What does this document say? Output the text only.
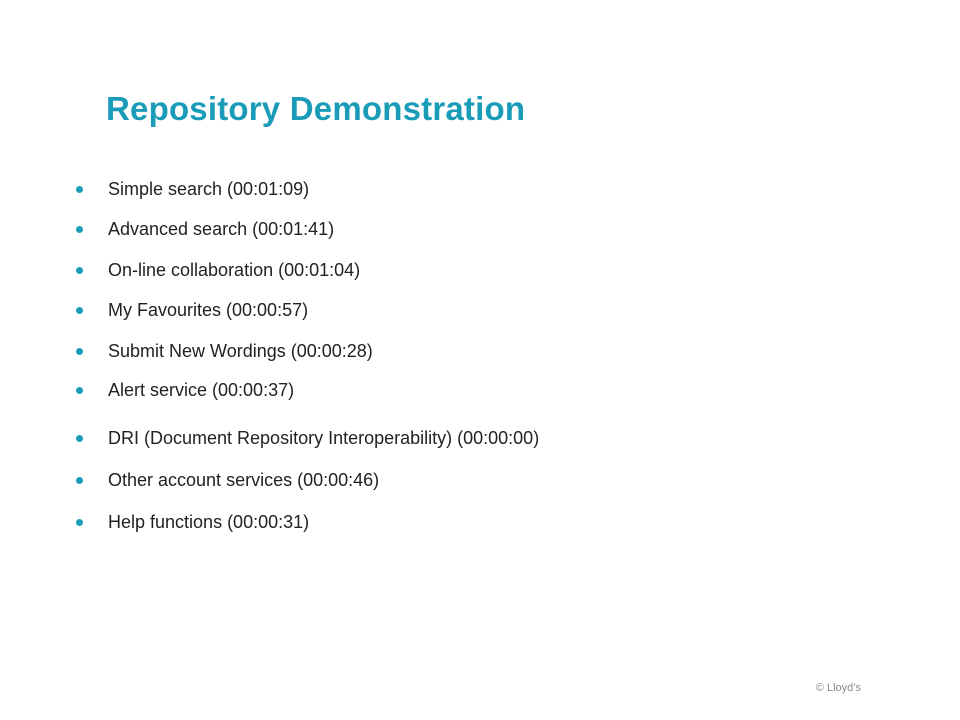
Repository Demonstration
Simple search (00:01:09)
Advanced search (00:01:41)
On-line collaboration (00:01:04)
My Favourites (00:00:57)
Submit New Wordings (00:00:28)
Alert service (00:00:37)
DRI (Document Repository Interoperability) (00:00:00)
Other account services (00:00:46)
Help functions (00:00:31)
© Lloyd’s
